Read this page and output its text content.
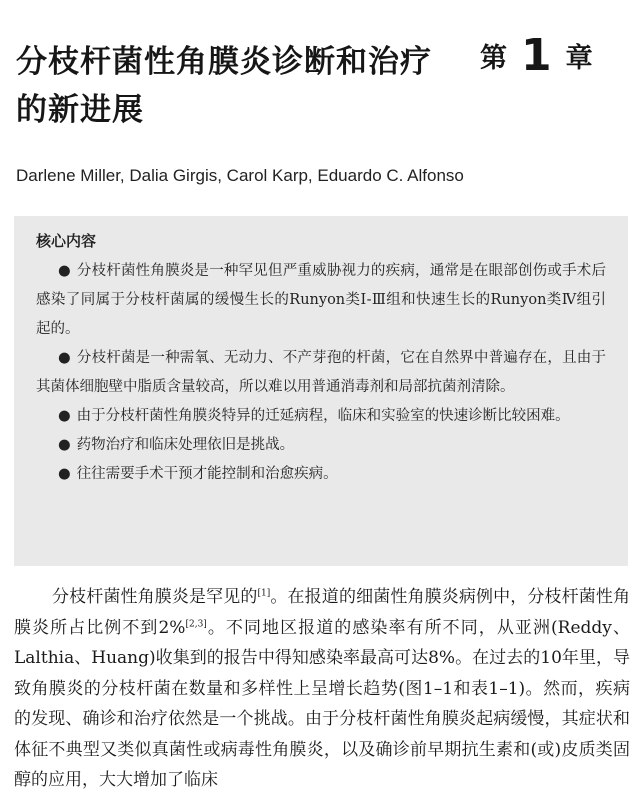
分枝杆菌性角膜炎诊断和治疗的新进展
第 1 章
Darlene Miller, Dalia Girgis, Carol Karp, Eduardo C. Alfonso
核心内容

● 分枝杆菌性角膜炎是一种罕见但严重威胁视力的疾病，通常是在眼部创伤或手术后感染了同属于分枝杆菌属的缓慢生长的Runyon类Ⅰ-Ⅲ组和快速生长的Runyon类Ⅳ组引起的。

● 分枝杆菌是一种需氧、无动力、不产芽孢的杆菌，它在自然界中普遍存在，且由于其菌体细胞壁中脂质含量较高，所以难以用普通消毒剂和局部抗菌剂清除。

● 由于分枝杆菌性角膜炎特异的迁延病程，临床和实验室的快速诊断比较困难。

● 药物治疗和临床处理依旧是挑战。

● 往往需要手术干预才能控制和治愈疾病。

分枝杆菌性角膜炎是罕见的[1]。在报道的细菌性角膜炎病例中，分枝杆菌性角膜炎所占比例不到2%[2,3]。不同地区报道的感染率有所不同，从亚洲(Reddy、Lalthia、Huang)收集到的报告中得知感染率最高可达8%。在过去的10年里，导致角膜炎的分枝杆菌在数量和多样性上呈增长趋势(图1–1和表1–1)。然而，疾病的发现、确诊和治疗依然是一个挑战。由于分枝杆菌性角膜炎起病缓慢，其症状和体征不典型又类似真菌性或病毒性角膜炎，以及确诊前早期抗生素和(或)皮质类固醇的应用，大大增加了临床
